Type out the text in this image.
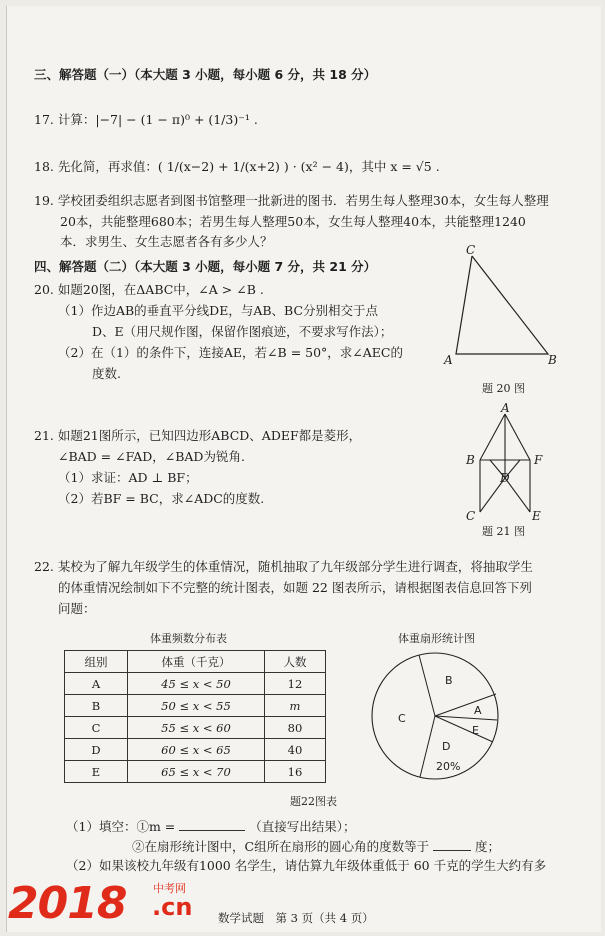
三、解答题（一）（本大题 3 小题，每小题 6 分，共 18 分）
17. 计算：|−7| − (1 − π)⁰ + (1/3)⁻¹ .
18. 先化简，再求值：( 1/(x−2) + 1/(x+2) ) · (x² − 4)，其中 x = √5 .
19. 学校团委组织志愿者到图书馆整理一批新进的图书．若男生每人整理30本，女生每人整理
20本，共能整理680本；若男生每人整理50本，女生每人整理40本，共能整理1240
本．求男生、女生志愿者各有多少人？
四、解答题（二）（本大题 3 小题，每小题 7 分，共 21 分）
20. 如题20图，在ΔABC中，∠A > ∠B .
（1）作边AB的垂直平分线DE，与AB、BC分别相交于点
D、E（用尺规作图，保留作图痕迹，不要求写作法）；
（2）在（1）的条件下，连接AE，若∠B = 50°，求∠AEC的
度数.
C
A	B
题 20 图
21. 如题21图所示，已知四边形ABCD、ADEF都是菱形，
∠BAD = ∠FAD，∠BAD为锐角.
（1）求证：AD ⊥ BF；
（2）若BF = BC，求∠ADC的度数.
A
B	F
D
C	E
题 21 图
22. 某校为了解九年级学生的体重情况，随机抽取了九年级部分学生进行调查，将抽取学生
的体重情况绘制如下不完整的统计图表，如题 22 图表所示，请根据图表信息回答下列
问题：
体重频数分布表
组别	体重（千克）	人数
A	45 ≤ x < 50	12
B	50 ≤ x < 55	m
C	55 ≤ x < 60	80
D	60 ≤ x < 65	40
E	65 ≤ x < 70	16
体重扇形统计图
C
B
A
E
D
20%
题22图表
（1）填空：①m =	（直接写出结果）；
②在扇形统计图中，C组所在扇形的圆心角的度数等于	度；
（2）如果该校九年级有1000 名学生，请估算九年级体重低于 60 千克的学生大约有多
数学试题　第 3 页（共 4 页）
2018 中考网
.cn
